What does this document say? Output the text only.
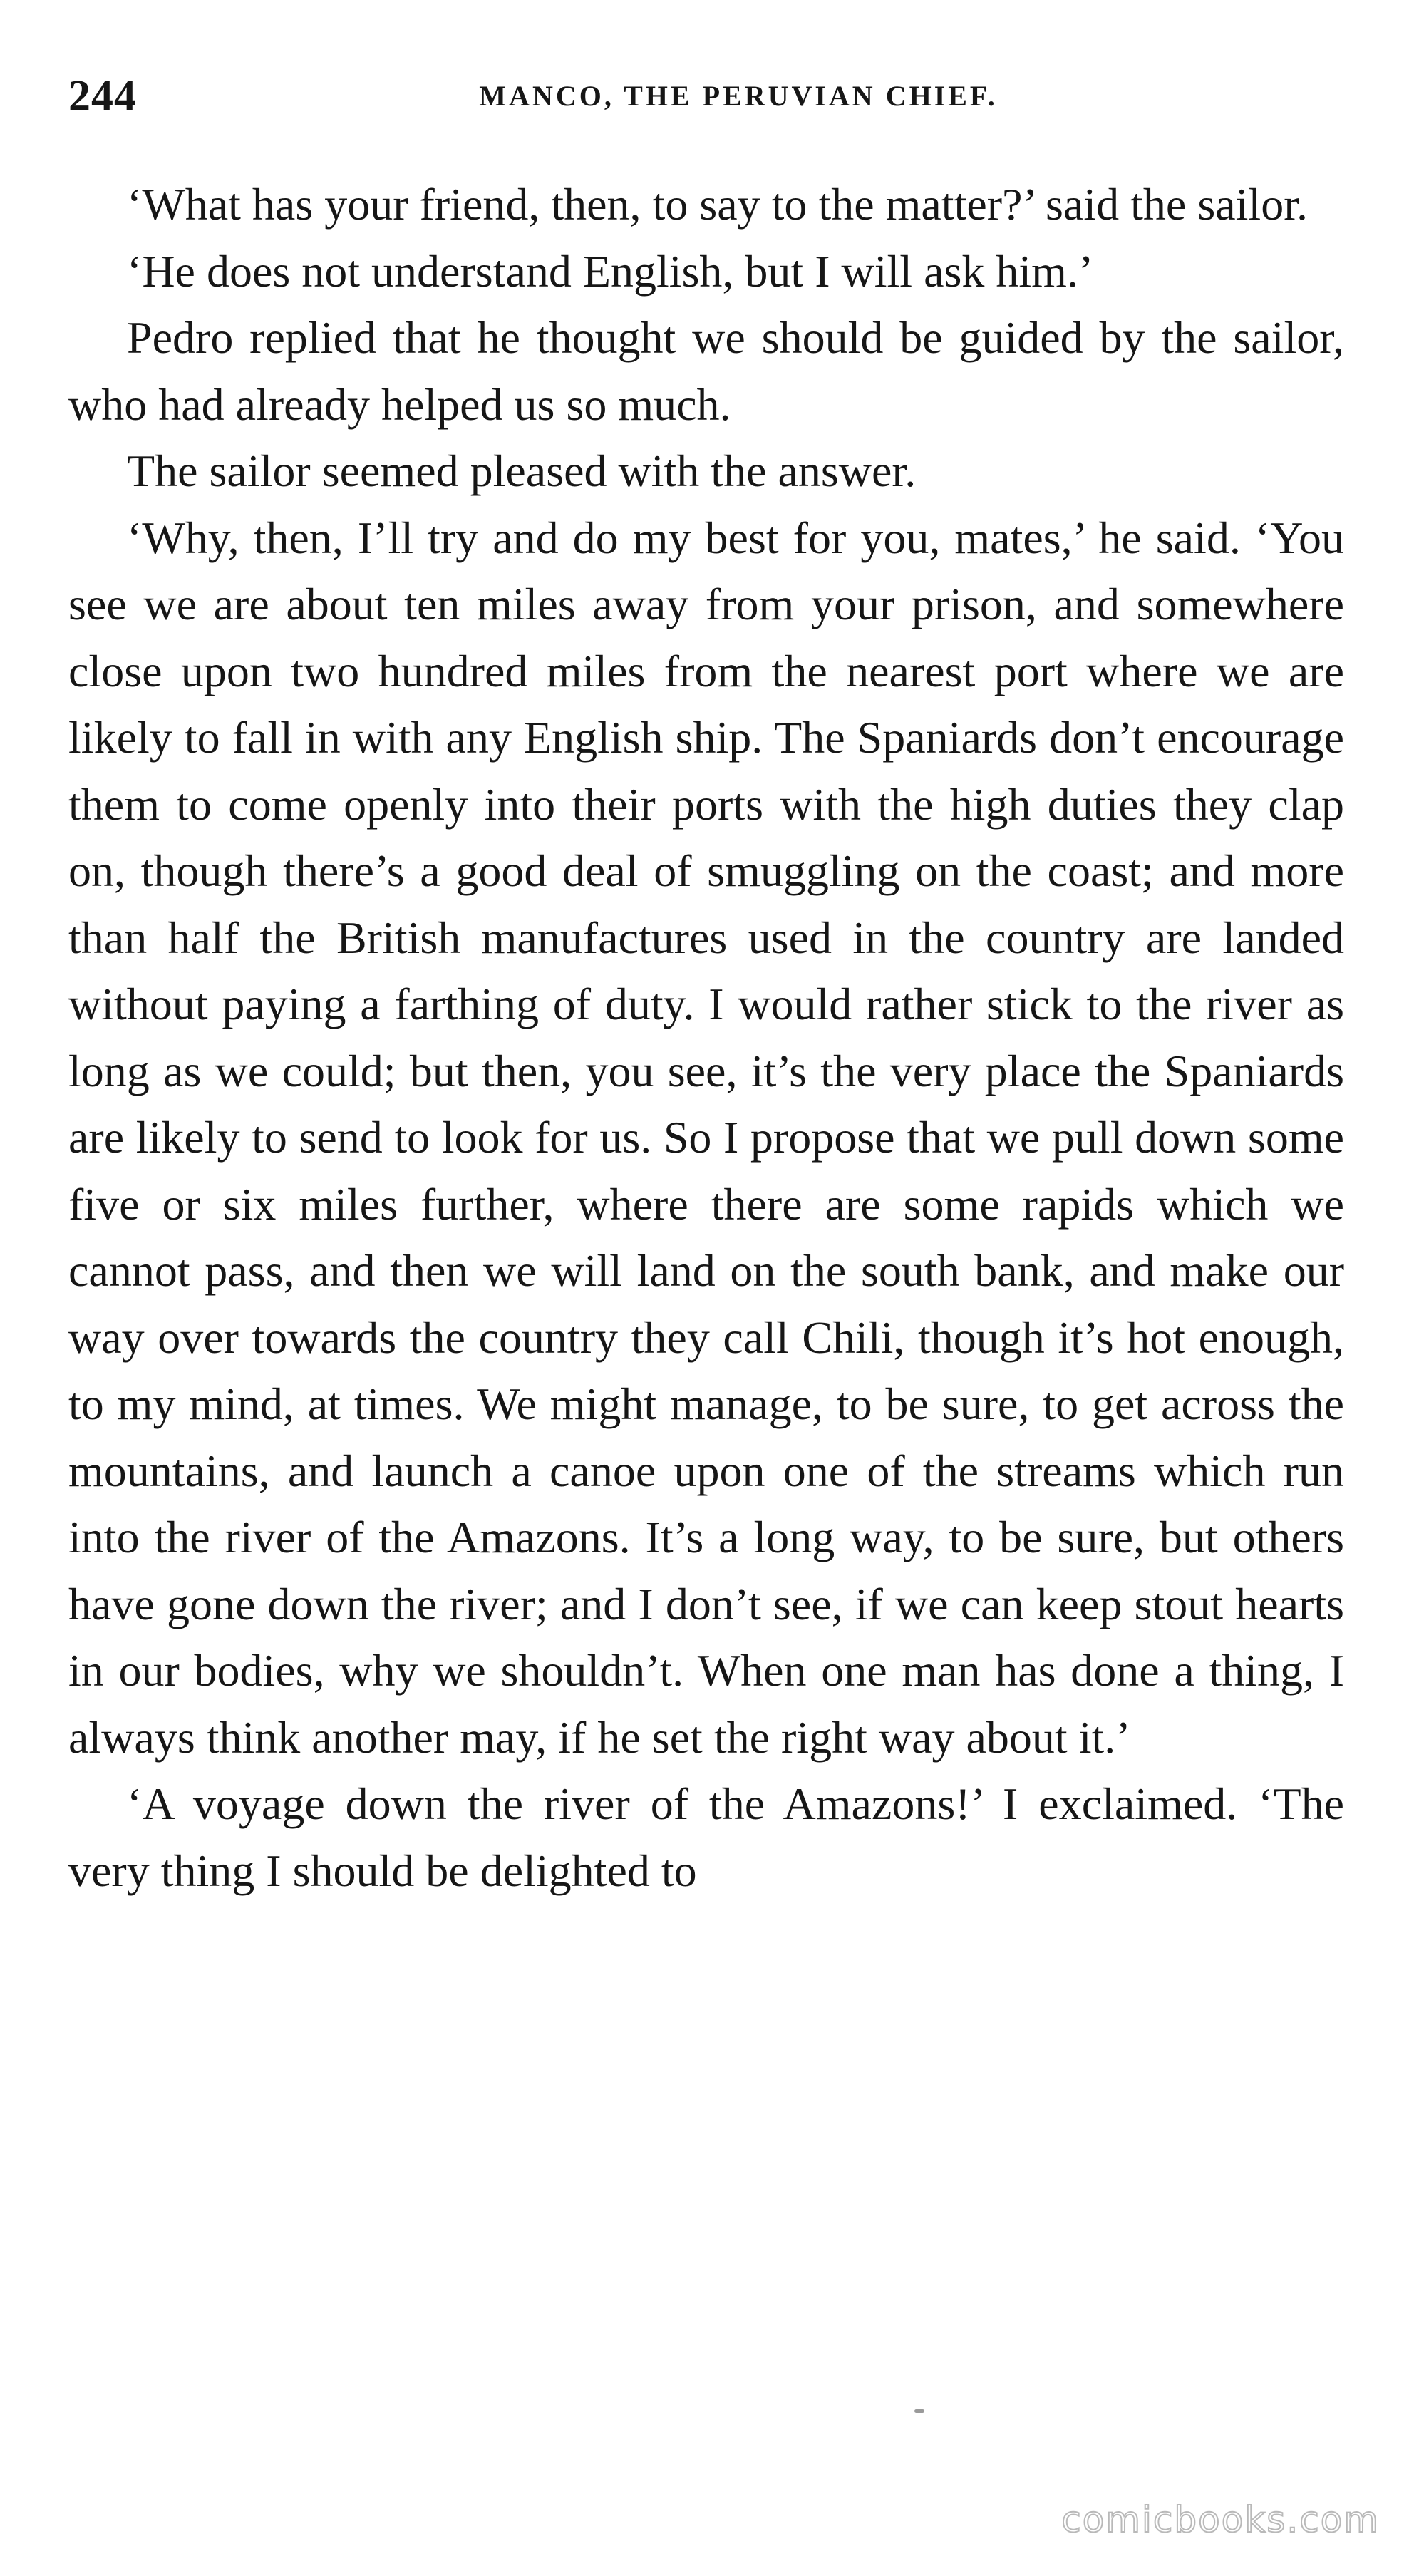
244	MANCO, THE PERUVIAN CHIEF.

‘What has your friend, then, to say to the matter?’ said the sailor.

‘He does not understand English, but I will ask him.’

Pedro replied that he thought we should be guided by the sailor, who had already helped us so much.

The sailor seemed pleased with the answer.

‘Why, then, I’ll try and do my best for you, mates,’ he said. ‘You see we are about ten miles away from your prison, and somewhere close upon two hundred miles from the nearest port where we are likely to fall in with any English ship. The Spaniards don’t encourage them to come openly into their ports with the high duties they clap on, though there’s a good deal of smuggling on the coast; and more than half the British manufactures used in the country are landed without paying a farthing of duty. I would rather stick to the river as long as we could; but then, you see, it’s the very place the Spaniards are likely to send to look for us. So I propose that we pull down some five or six miles further, where there are some rapids which we cannot pass, and then we will land on the south bank, and make our way over towards the country they call Chili, though it’s hot enough, to my mind, at times. We might manage, to be sure, to get across the mountains, and launch a canoe upon one of the streams which run into the river of the Amazons. It’s a long way, to be sure, but others have gone down the river; and I don’t see, if we can keep stout hearts in our bodies, why we shouldn’t. When one man has done a thing, I always think another may, if he set the right way about it.’

‘A voyage down the river of the Amazons!’ I exclaimed. ‘The very thing I should be delighted to

comicbooks.com
